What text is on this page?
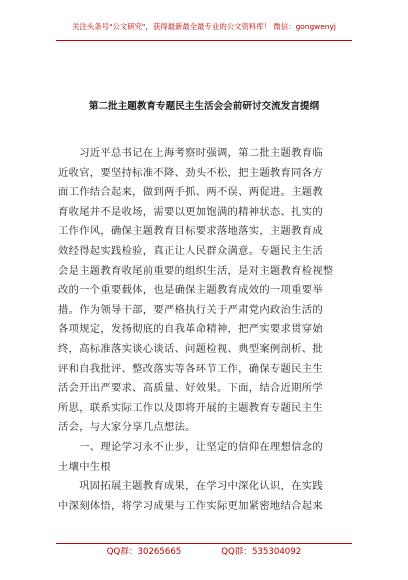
关注头条号"公文研究"，获得最新最全最专业的公文资料库！ 微信：gongwenyj
第二批主题教育专题民主生活会会前研讨交流发言提纲
　　习近平总书记在上海考察时强调，第二批主题教育临
近收官，要坚持标准不降、劲头不松，把主题教育同各方
面工作结合起来，做到两手抓、两不误、两促进。主题教
育收尾并不是收场，需要以更加饱满的精神状态、扎实的
工作作风，确保主题教育目标要求落地落实，主题教育成
效经得起实践检验，真正让人民群众满意。专题民主生活
会是主题教育收尾前重要的组织生活，是对主题教育检视整
改的一个重要载体，也是确保主题教育成效的一项重要举
措。作为领导干部，要严格执行关于严肃党内政治生活的
各项规定，发扬彻底的自我革命精神，把严实要求贯穿始
终，高标准落实谈心谈话、问题检视、典型案例剖析、批
评和自我批评、整改落实等各环节工作，确保专题民主生
活会开出严要求、高质量、好效果。下面，结合近期所学
所思，联系实际工作以及即将开展的主题教育专题民主生
活会，与大家分享几点想法。
　　一、理论学习永不止步，让坚定的信仰在理想信念的
土壤中生根
　　巩固拓展主题教育成果，在学习中深化认识，在实践
中深刻体悟，将学习成果与工作实际更加紧密地结合起来
QQ群：30265665	QQ群：535304092
